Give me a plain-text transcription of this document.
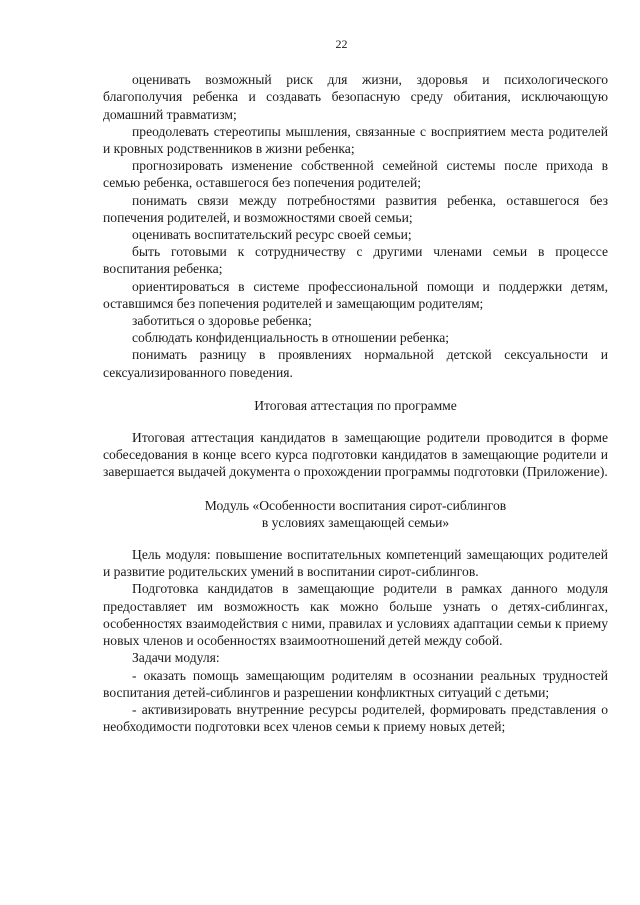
22

оценивать возможный риск для жизни, здоровья и психологического благополучия ребенка и создавать безопасную среду обитания, исключающую домашний травматизм;

преодолевать стереотипы мышления, связанные с восприятием места родителей и кровных родственников в жизни ребенка;

прогнозировать изменение собственной семейной системы после прихода в семью ребенка, оставшегося без попечения родителей;

понимать связи между потребностями развития ребенка, оставшегося без попечения родителей, и возможностями своей семьи;

оценивать воспитательский ресурс своей семьи;

быть готовыми к сотрудничеству с другими членами семьи в процессе воспитания ребенка;

ориентироваться в системе профессиональной помощи и поддержки детям, оставшимся без попечения родителей и замещающим родителям;

заботиться о здоровье ребенка;

соблюдать конфиденциальность в отношении ребенка;

понимать разницу в проявлениях нормальной детской сексуальности и сексуализированного поведения.

Итоговая аттестация по программе

Итоговая аттестация кандидатов в замещающие родители проводится в форме собеседования в конце всего курса подготовки кандидатов в замещающие родители и завершается выдачей документа о прохождении программы подготовки (Приложение).

Модуль «Особенности воспитания сирот-сиблингов

в условиях замещающей семьи»

Цель модуля: повышение воспитательных компетенций замещающих родителей и развитие родительских умений в воспитании сирот-сиблингов.

Подготовка кандидатов в замещающие родители в рамках данного модуля предоставляет им возможность как можно больше узнать о детях-сиблингах, особенностях взаимодействия с ними, правилах и условиях адаптации семьи к приему новых членов и особенностях взаимоотношений детей между собой.

Задачи модуля:

- оказать помощь замещающим родителям в осознании реальных трудностей воспитания детей-сиблингов и разрешении конфликтных ситуаций с детьми;

- активизировать внутренние ресурсы родителей, формировать представления о необходимости подготовки всех членов семьи к приему новых детей;
